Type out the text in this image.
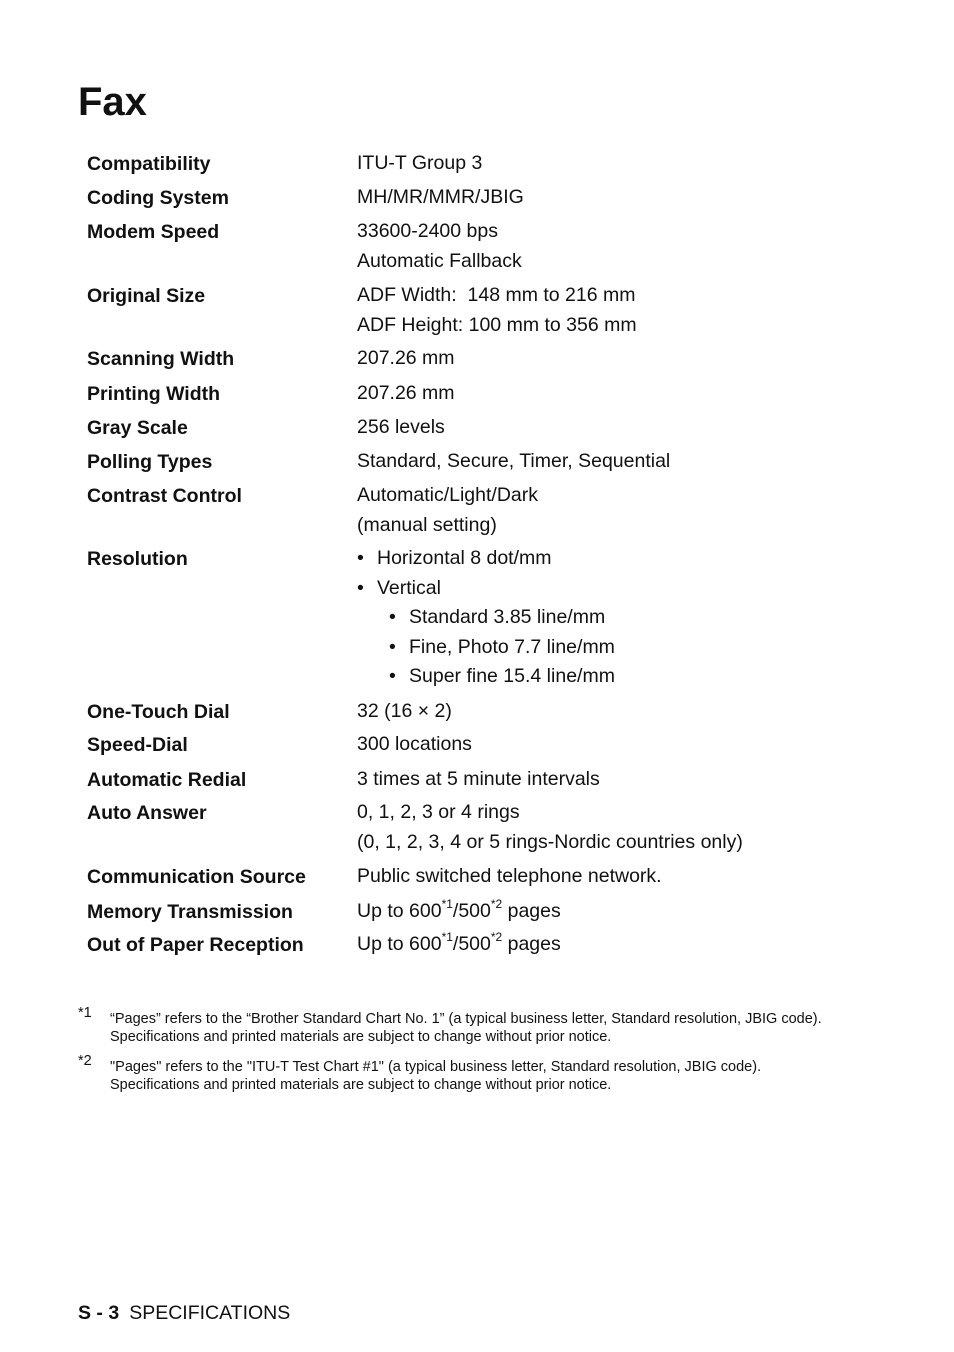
Fax
Compatibility	ITU-T Group 3
Coding System	MH/MR/MMR/JBIG
Modem Speed	33600-2400 bps
Automatic Fallback
Original Size	ADF Width:  148 mm to 216 mm
ADF Height: 100 mm to 356 mm
Scanning Width	207.26 mm
Printing Width	207.26 mm
Gray Scale	256 levels
Polling Types	Standard, Secure, Timer, Sequential
Contrast Control	Automatic/Light/Dark
(manual setting)
Resolution	• Horizontal 8 dot/mm
• Vertical
• Standard 3.85 line/mm
• Fine, Photo 7.7 line/mm
• Super fine 15.4 line/mm
One-Touch Dial	32 (16 × 2)
Speed-Dial	300 locations
Automatic Redial	3 times at 5 minute intervals
Auto Answer	0, 1, 2, 3 or 4 rings
(0, 1, 2, 3, 4 or 5 rings-Nordic countries only)
Communication Source	Public switched telephone network.
Memory Transmission	Up to 600$^{*1}$/500$^{*2}$ pages
Out of Paper Reception	Up to 600$^{*1}$/500$^{*2}$ pages
*1 “Pages” refers to the “Brother Standard Chart No. 1” (a typical business letter, Standard resolution, JBIG code). Specifications and printed materials are subject to change without prior notice.
*2 "Pages" refers to the "ITU-T Test Chart #1" (a typical business letter, Standard resolution, JBIG code). Specifications and printed materials are subject to change without prior notice.
S - 3 SPECIFICATIONS
